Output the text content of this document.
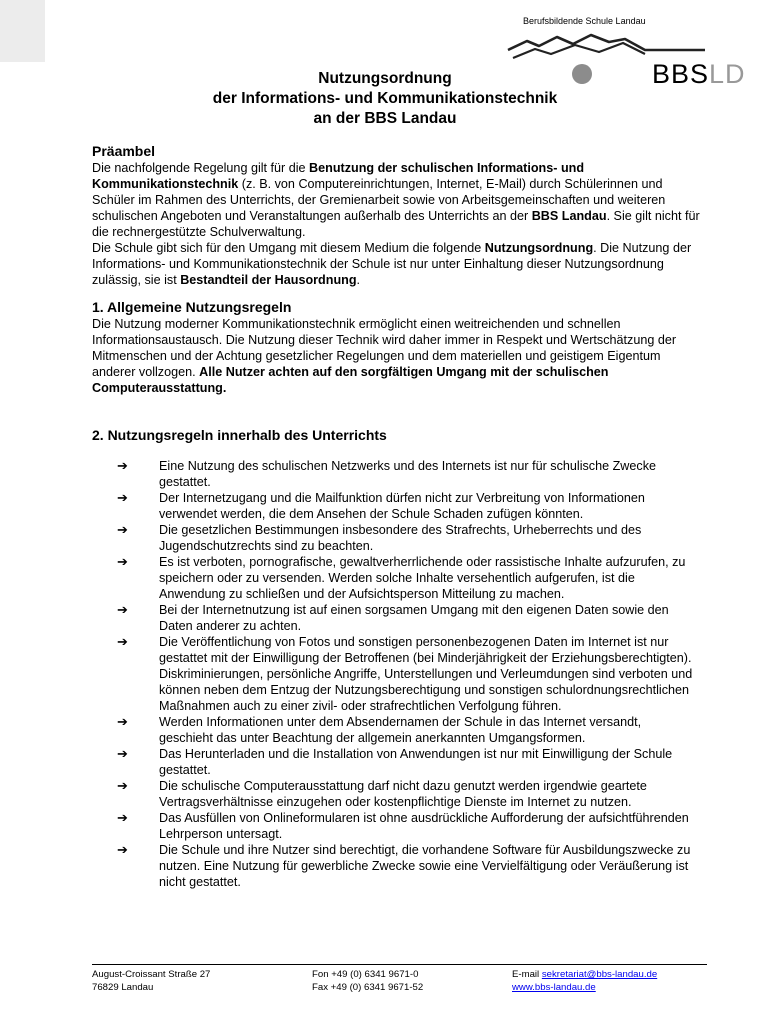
Berufsbildende Schule Landau
BBSLD
Nutzungsordnung
der Informations- und Kommunikationstechnik
an der BBS Landau
Präambel

Die nachfolgende Regelung gilt für die Benutzung der schulischen Informations- und Kommunikationstechnik (z. B. von Computereinrichtungen, Internet, E-Mail) durch Schülerinnen und Schüler im Rahmen des Unterrichts, der Gremienarbeit sowie von Arbeitsgemeinschaften und weiteren schulischen Angeboten und Veranstaltungen außerhalb des Unterrichts an der BBS Landau. Sie gilt nicht für die rechnergestützte Schulverwaltung.

Die Schule gibt sich für den Umgang mit diesem Medium die folgende Nutzungsordnung. Die Nutzung der Informations- und Kommunikationstechnik der Schule ist nur unter Einhaltung dieser Nutzungsordnung zulässig, sie ist Bestandteil der Hausordnung.

1. Allgemeine Nutzungsregeln

Die Nutzung moderner Kommunikationstechnik ermöglicht einen weitreichenden und schnellen Informationsaustausch. Die Nutzung dieser Technik wird daher immer in Respekt und Wertschätzung der Mitmenschen und der Achtung gesetzlicher Regelungen und dem materiellen und geistigem Eigentum anderer vollzogen. Alle Nutzer achten auf den sorgfältigen Umgang mit der schulischen Computerausstattung.

2. Nutzungsregeln innerhalb des Unterrichts
➔	Eine Nutzung des schulischen Netzwerks und des Internets ist nur für schulische Zwecke gestattet.
➔	Der Internetzugang und die Mailfunktion dürfen nicht zur Verbreitung von Informationen verwendet werden, die dem Ansehen der Schule Schaden zufügen könnten.
➔	Die gesetzlichen Bestimmungen insbesondere des Strafrechts, Urheberrechts und des Jugendschutzrechts sind zu beachten.
➔	Es ist verboten, pornografische, gewaltverherrlichende oder rassistische Inhalte aufzurufen, zu speichern oder zu versenden. Werden solche Inhalte versehentlich aufgerufen, ist die Anwendung zu schließen und der Aufsichtsperson Mitteilung zu machen.
➔	Bei der Internetnutzung ist auf einen sorgsamen Umgang mit den eigenen Daten sowie den Daten anderer zu achten.
➔	Die Veröffentlichung von Fotos und sonstigen personenbezogenen Daten im Internet ist nur gestattet mit der Einwilligung der Betroffenen (bei Minderjährigkeit der Erziehungsberechtigten). Diskriminierungen, persönliche Angriffe, Unterstellungen und Verleumdungen sind verboten und können neben dem Entzug der Nutzungsberechtigung und sonstigen schulordnungsrechtlichen Maßnahmen auch zu einer zivil- oder strafrechtlichen Verfolgung führen.
➔	Werden Informationen unter dem Absendernamen der Schule in das Internet versandt, geschieht das unter Beachtung der allgemein anerkannten Umgangsformen.
➔	Das Herunterladen und die Installation von Anwendungen ist nur mit Einwilligung der Schule gestattet.
➔	Die schulische Computerausstattung darf nicht dazu genutzt werden irgendwie geartete Vertragsverhältnisse einzugehen oder kostenpflichtige Dienste im Internet zu nutzen.
➔	Das Ausfüllen von Onlineformularen ist ohne ausdrückliche Aufforderung der aufsichtführenden Lehrperson untersagt.
➔	Die Schule und ihre Nutzer sind berechtigt, die vorhandene Software für Ausbildungszwecke zu nutzen. Eine Nutzung für gewerbliche Zwecke sowie eine Vervielfältigung oder Veräußerung ist nicht gestattet.
August-Croissant Straße 27
76829 Landau
Fon +49 (0) 6341 9671-0
Fax +49 (0) 6341 9671-52
E-mail sekretariat@bbs-landau.de
www.bbs-landau.de
